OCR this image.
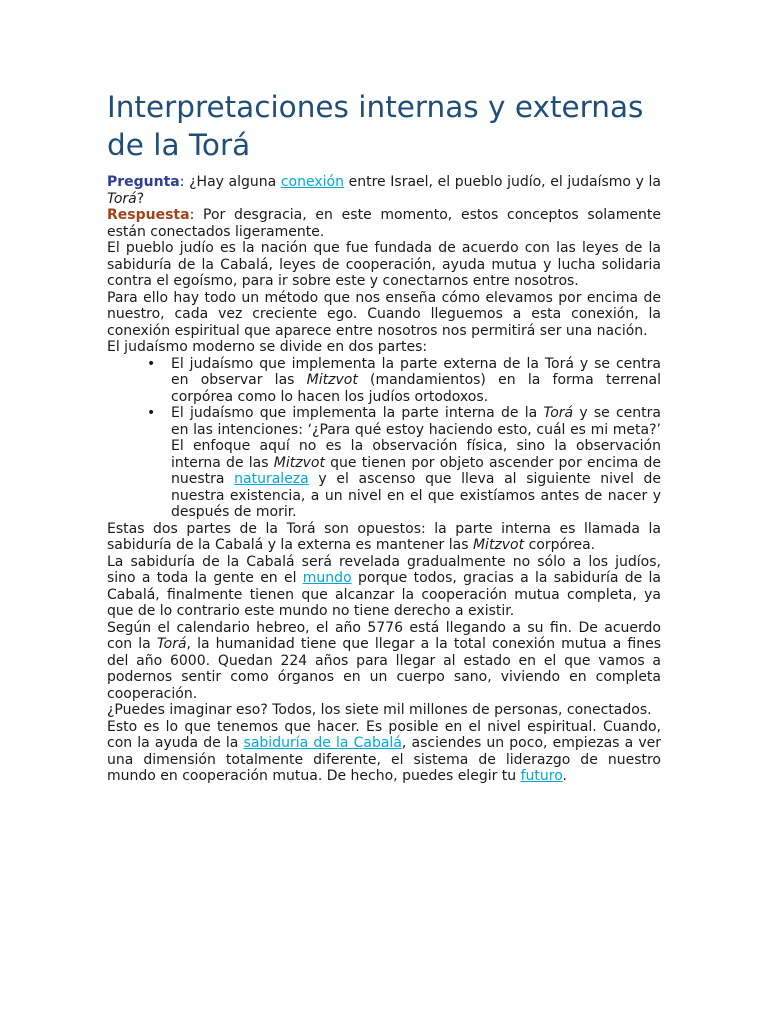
Interpretaciones internas y externas de la Torá

Pregunta: ¿Hay alguna conexión entre Israel, el pueblo judío, el judaísmo y la Torá?

Respuesta: Por desgracia, en este momento, estos conceptos solamente están conectados ligeramente.

El pueblo judío es la nación que fue fundada de acuerdo con las leyes de la sabiduría de la Cabalá, leyes de cooperación, ayuda mutua y lucha solidaria contra el egoísmo, para ir sobre este y conectarnos entre nosotros.

Para ello hay todo un método que nos enseña cómo elevamos por encima de nuestro, cada vez creciente ego. Cuando lleguemos a esta conexión, la conexión espiritual que aparece entre nosotros nos permitirá ser una nación.

El judaísmo moderno se divide en dos partes:

• El judaísmo que implementa la parte externa de la Torá y se centra en observar las Mitzvot (mandamientos) en la forma terrenal corpórea como lo hacen los judíos ortodoxos.
• El judaísmo que implementa la parte interna de la Torá y se centra en las intenciones: ‘¿Para qué estoy haciendo esto, cuál es mi meta?’ El enfoque aquí no es la observación física, sino la observación interna de las Mitzvot que tienen por objeto ascender por encima de nuestra naturaleza y el ascenso que lleva al siguiente nivel de nuestra existencia, a un nivel en el que existíamos antes de nacer y después de morir.

Estas dos partes de la Torá son opuestos: la parte interna es llamada la sabiduría de la Cabalá y la externa es mantener las Mitzvot corpórea.

La sabiduría de la Cabalá será revelada gradualmente no sólo a los judíos, sino a toda la gente en el mundo porque todos, gracias a la sabiduría de la Cabalá, finalmente tienen que alcanzar la cooperación mutua completa, ya que de lo contrario este mundo no tiene derecho a existir.

Según el calendario hebreo, el año 5776 está llegando a su fin. De acuerdo con la Torá, la humanidad tiene que llegar a la total conexión mutua a fines del año 6000. Quedan 224 años para llegar al estado en el que vamos a podernos sentir como órganos en un cuerpo sano, viviendo en completa cooperación.

¿Puedes imaginar eso? Todos, los siete mil millones de personas, conectados.

Esto es lo que tenemos que hacer. Es posible en el nivel espiritual. Cuando, con la ayuda de la sabiduría de la Cabalá, asciendes un poco, empiezas a ver una dimensión totalmente diferente, el sistema de liderazgo de nuestro mundo en cooperación mutua. De hecho, puedes elegir tu futuro.
